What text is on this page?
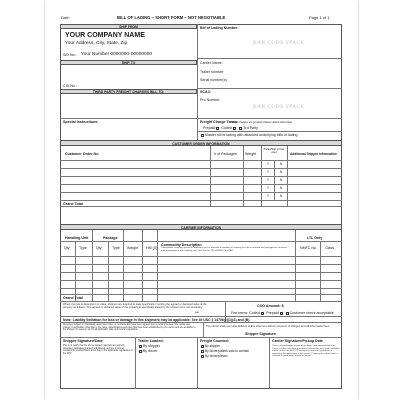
Date:	BILL OF LADING – SHORT FORM – NOT NEGOTIABLE	Page 1 of 1
SHIP FROM
YOUR COMPANY NAME
Your Address, City, State, Zip
SID No.: Your Number 0000000-00000000
SHIP TO
CID No.:
THIRD PARTY FREIGHT CHARGES BILL TO:
Special Instructions:
Bill of Lading Number:
BAR CODE SPACE
Carrier Name:
Trailer number:
Serial number(s):
SCAC:
Pro Number:
BAR CODE SPACE
Freight Charge Terms
(Freight charges are prepaid unless marked otherwise)
Prepaid Collect	3rd Party
Master bill of lading with attached underlying bills of lading
CUSTOMER ORDER INFORMATION
Customer Order No.	# of Packages Weight
Pallet/Slip (circle one)	Additional Shipper Information
Y	N
Y	N
Y	N
Y	N
Y	N
Grand Total
CARRIER INFORMATION
Handling Unit	Package	LTL Only
Qty	Type	Qty	Type Weight HM (X)
Commodity Description
Commodities requiring special or additional care or attention in handling or stowing must be so marked and packaged as to ensure safe transportation with ordinary care. See Section 2(e) of NMFC Item 360
NMFC No. Class
Grand Total
Where the rate is dependent on value, shippers are required to state specifically in writing the agreed or declared value of the property as follows: “The agreed or declared value of the property is specifically stated by the shipper to be not exceeding
per
COD Amount: $
Fee terms: Collect Prepaid	Customer check acceptable
Note: Liability limitation for loss or damage in this shipment may be applicable. See 49 USC § 14706(c)(1)(A) and (B).
Received, subject to individually determined rates or contracts that have been agreed upon in writing between the carrier and shipper, if applicable, otherwise to the rates, classifications and rules that have been established by the carrier and are available to the shipper, on request, and to all applicable state and federal regulations.
The carrier shall not make delivery of this shipment without payment of charges and all other lawful fees.
Shipper Signature
Shipper Signature/Date
This is to certify that the above named materials are properly classified, packaged, marked and labeled, and are in proper condition for transportation according to the applicable regulations of the DOT.
Trailer Loaded:
By shipper
By driver
Freight Counted:
By shipper
By driver/pallets said to contain
By driver/pieces
Carrier Signature/Pickup Date
Carrier acknowledges receipt of packages and required placards. Carrier certifies emergency response information was made available and/or carrier has the DOT emergency response guidebook or equivalent documentation in the vehicle. Property described above is received in good order, except as noted.
